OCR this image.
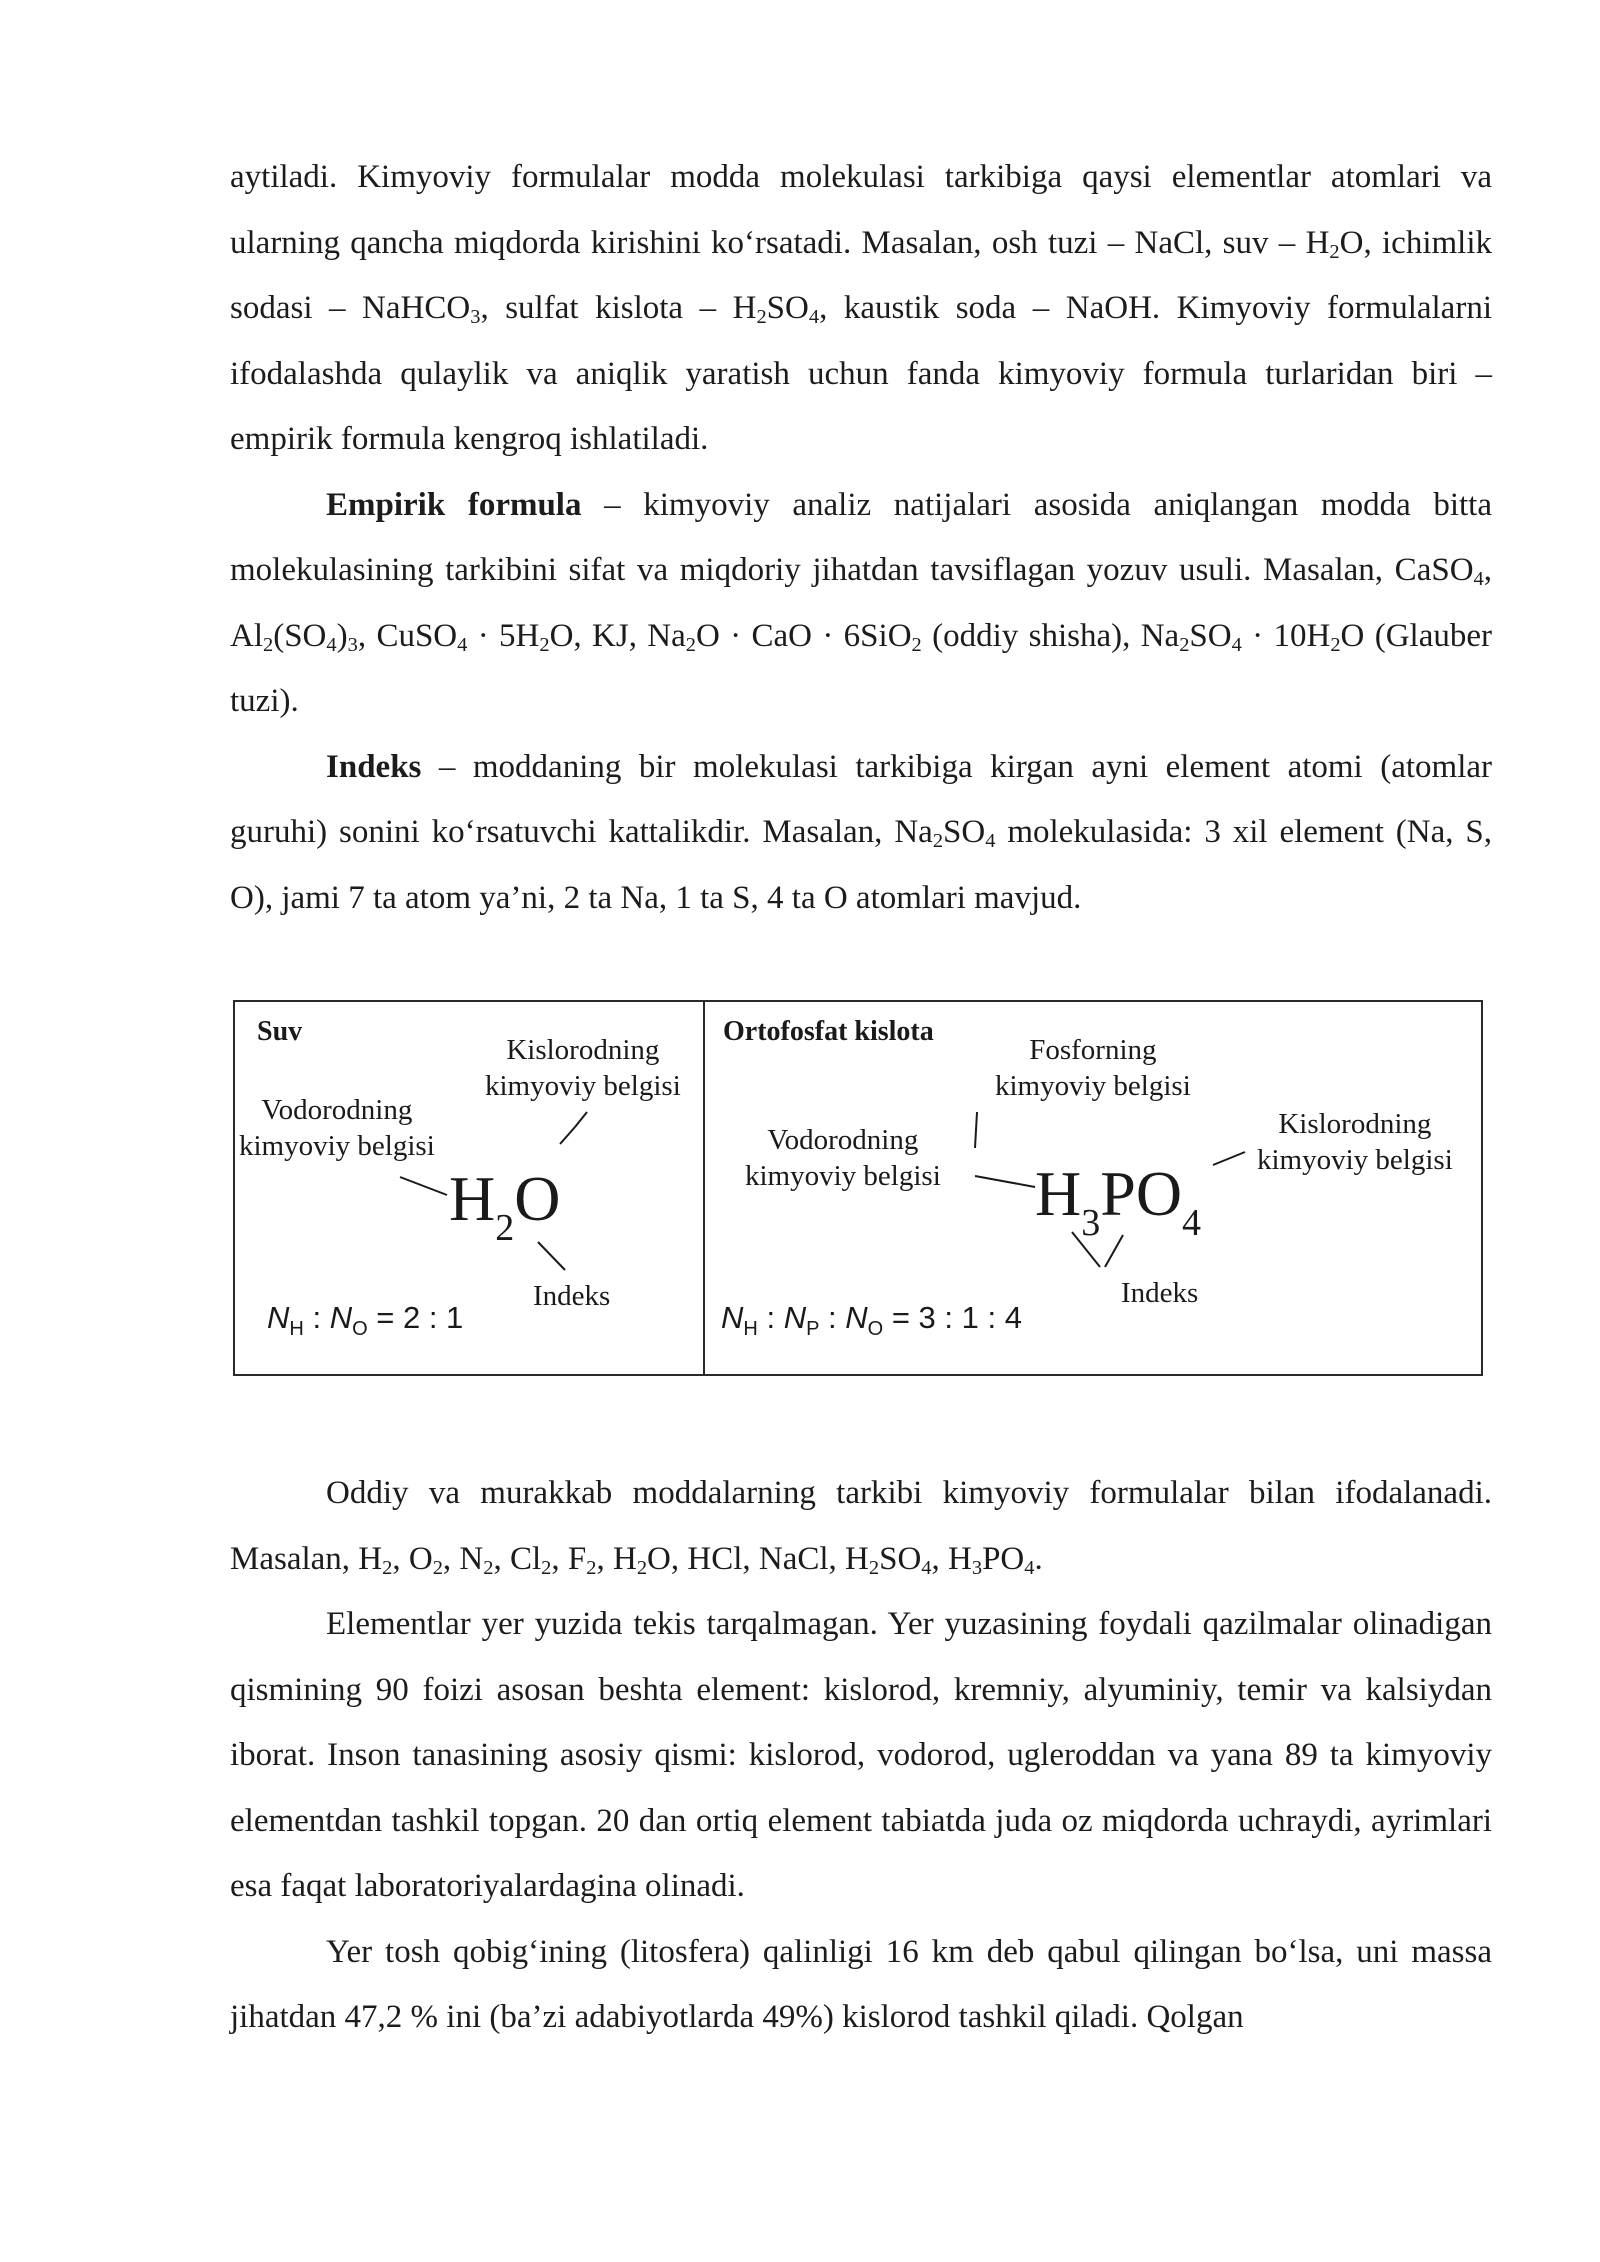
aytiladi. Kimyoviy formulalar modda molekulasi tarkibiga qaysi elementlar atomlari va ularning qancha miqdorda kirishini ko‘rsatadi. Masalan, osh tuzi – NaCl, suv – $H_2O$, ichimlik sodasi – NaHCO$_3$, sulfat kislota – $H_2SO_4$, kaustik soda – NaOH. Kimyoviy formulalarni ifodalashda qulaylik va aniqlik yaratish uchun fanda kimyoviy formula turlaridan biri – empirik formula kengroq ishlatiladi.

Empirik formula – kimyoviy analiz natijalari asosida aniqlangan modda bitta molekulasining tarkibini sifat va miqdoriy jihatdan tavsiflagan yozuv usuli. Masalan, CaSO$_4$, $Al_2(SO_4)_3$, CuSO$_4$ · $5H_2O$, KJ, $Na_2O$ · CaO · 6SiO$_2$ (oddiy shisha), $Na_2SO_4 \cdot 10H_2O$ (Glauber tuzi).

Indeks – moddaning bir molekulasi tarkibiga kirgan ayni element atomi (atomlar guruhi) sonini ko‘rsatuvchi kattalikdir. Masalan, $Na_2SO_4$ molekulasida: 3 xil element (Na, S, O), jami 7 ta atom ya’ni, 2 ta Na, 1 ta S, 4 ta O atomlari mavjud.

Suv
Kislorodning
kimyoviy belgisi
Vodorodning
kimyoviy belgisi
$H_2O$
Indeks
$N_H$ : $N_O = 2$ : 1
Ortofosfat kislota
Fosforning
kimyoviy belgisi
Vodorodning
kimyoviy belgisi
Kislorodning
kimyoviy belgisi
$H_3PO_4$
Indeks
$N_H$ : $N_P$ : $N_O = 3$ : 1 : 4

Oddiy va murakkab moddalarning tarkibi kimyoviy formulalar bilan ifodalanadi. Masalan, $H_2$, $O_2$, $N_2$, $Cl_2$, $F_2$, $H_2O$, HCl, NaCl, $H_2SO_4$, $H_3PO_4$.

Elementlar yer yuzida tekis tarqalmagan. Yer yuzasining foydali qazilmalar olinadigan qismining 90 foizi asosan beshta element: kislorod, kremniy, alyuminiy, temir va kalsiydan iborat. Inson tanasining asosiy qismi: kislorod, vodorod, ugleroddan va yana 89 ta kimyoviy elementdan tashkil topgan. 20 dan ortiq element tabiatda juda oz miqdorda uchraydi, ayrimlari esa faqat laboratoriyalardagina olinadi.

Yer tosh qobig‘ining (litosfera) qalinligi 16 km deb qabul qilingan bo‘lsa, uni massa jihatdan 47,2 % ini (ba’zi adabiyotlarda 49%) kislorod tashkil qiladi. Qolgan
